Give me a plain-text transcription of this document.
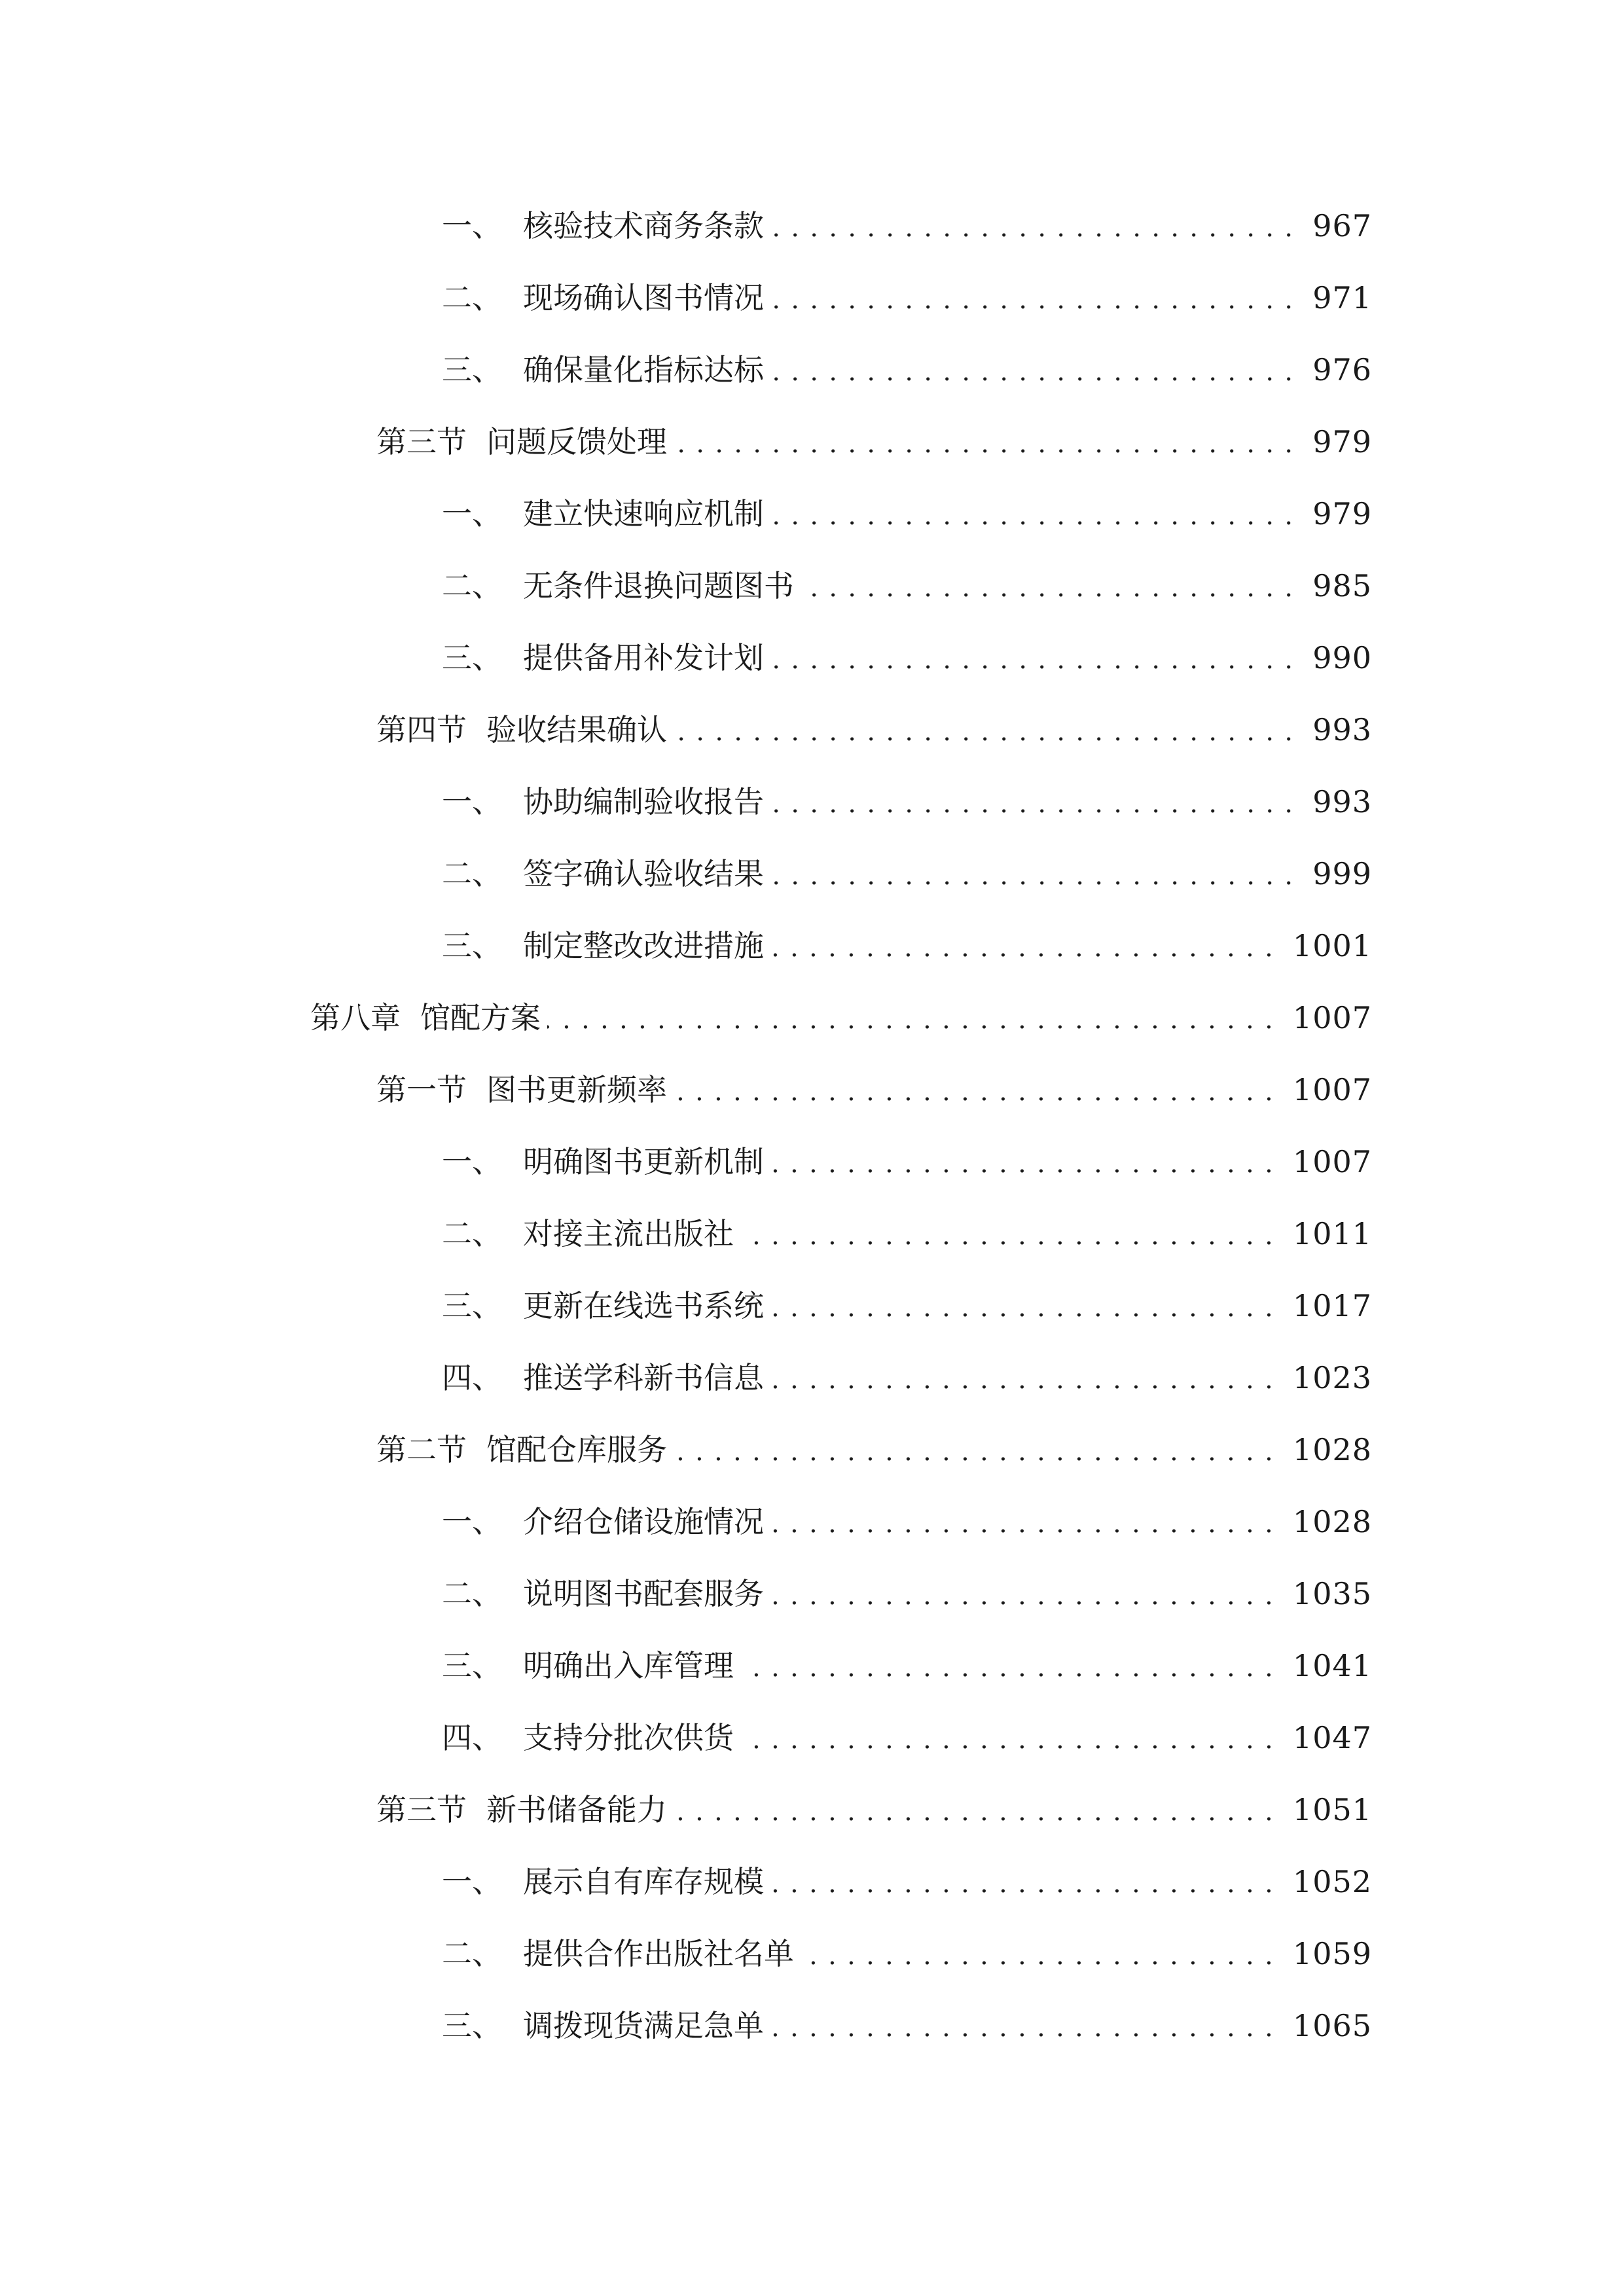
一、 核验技术商务条款	967
二、 现场确认图书情况	971
三、 确保量化指标达标	976
第三节 问题反馈处理	979
一、 建立快速响应机制	979
二、 无条件退换问题图书	985
三、 提供备用补发计划	990
第四节 验收结果确认	993
一、 协助编制验收报告	993
二、 签字确认验收结果	999
三、 制定整改改进措施	1001
第八章 馆配方案	1007
第一节 图书更新频率	1007
一、 明确图书更新机制	1007
二、 对接主流出版社	1011
三、 更新在线选书系统	1017
四、 推送学科新书信息	1023
第二节 馆配仓库服务	1028
一、 介绍仓储设施情况	1028
二、 说明图书配套服务	1035
三、 明确出入库管理	1041
四、 支持分批次供货	1047
第三节 新书储备能力	1051
一、 展示自有库存规模	1052
二、 提供合作出版社名单	1059
三、 调拨现货满足急单	1065
